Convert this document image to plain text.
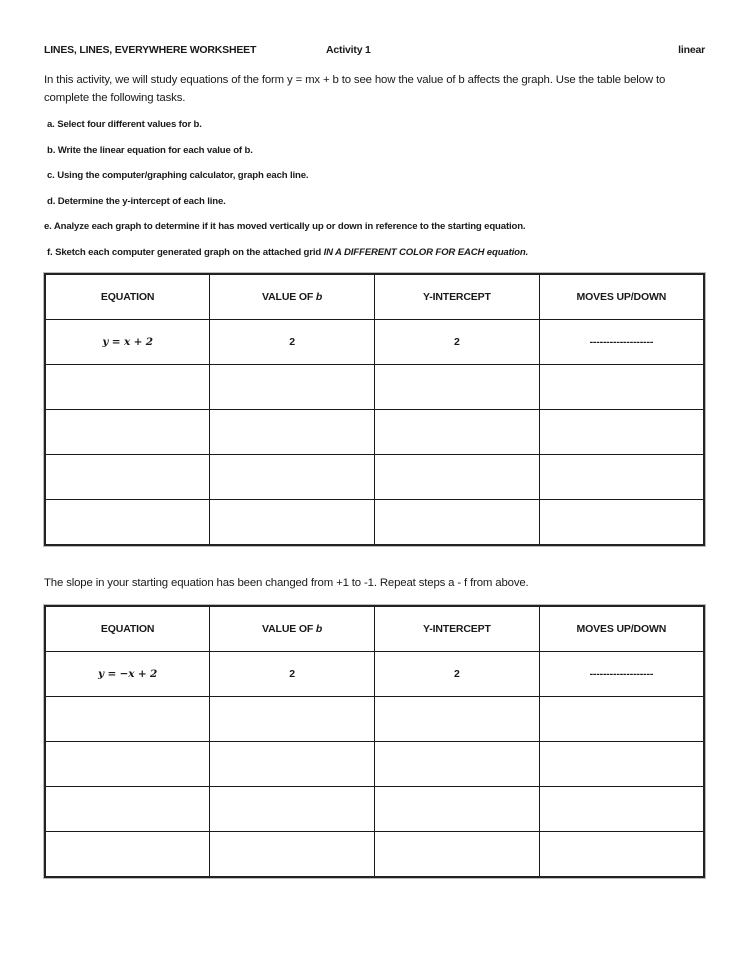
LINES, LINES, EVERYWHERE WORKSHEET	Activity 1	linear

In this activity, we will study equations of the form y = mx + b to see how the value of b affects the graph. Use the table below to complete the following tasks.

a. Select four different values for b.
b. Write the linear equation for each value of b.
c. Using the computer/graphing calculator, graph each line.
d. Determine the y-intercept of each line.
e. Analyze each graph to determine if it has moved vertically up or down in reference to the starting equation.
f. Sketch each computer generated graph on the attached grid IN A DIFFERENT COLOR FOR EACH equation.
EQUATION	VALUE OF b	Y-INTERCEPT	MOVES UP/DOWN
y = x + 2	2	2	-------------------

The slope in your starting equation has been changed from +1 to -1. Repeat steps a - f from above.

EQUATION	VALUE OF b	Y-INTERCEPT	MOVES UP/DOWN
y = −x + 2	2	2	-------------------
